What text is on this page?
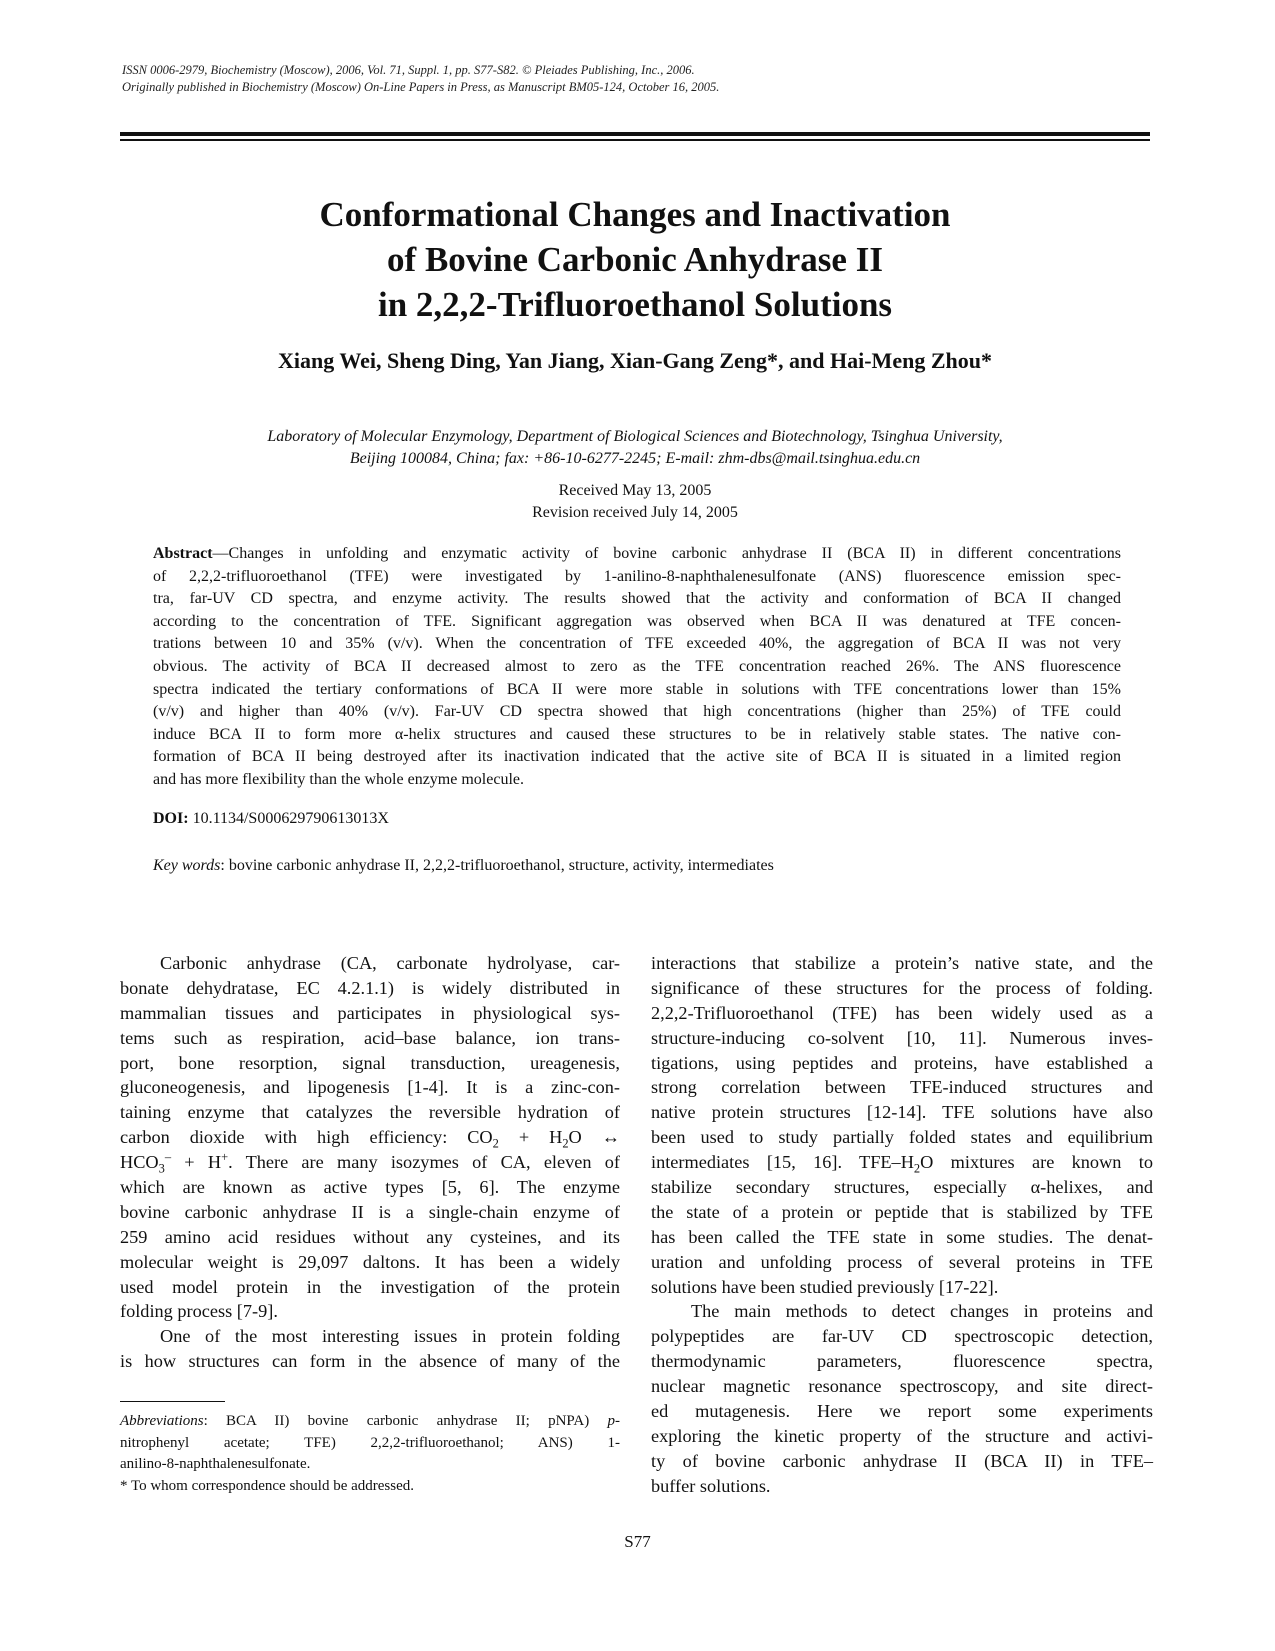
ISSN 0006-2979, Biochemistry (Moscow), 2006, Vol. 71, Suppl. 1, pp. S77-S82. © Pleiades Publishing, Inc., 2006.
Originally published in Biochemistry (Moscow) On-Line Papers in Press, as Manuscript BM05-124, October 16, 2005.
Conformational Changes and Inactivation
of Bovine Carbonic Anhydrase II
in 2,2,2-Trifluoroethanol Solutions
Xiang Wei, Sheng Ding, Yan Jiang, Xian-Gang Zeng*, and Hai-Meng Zhou*
Laboratory of Molecular Enzymology, Department of Biological Sciences and Biotechnology, Tsinghua University,
Beijing 100084, China; fax: +86-10-6277-2245; E-mail: zhm-dbs@mail.tsinghua.edu.cn
Received May 13, 2005
Revision received July 14, 2005
Abstract—Changes in unfolding and enzymatic activity of bovine carbonic anhydrase II (BCA II) in different concentrations
of 2,2,2-trifluoroethanol (TFE) were investigated by 1-anilino-8-naphthalenesulfonate (ANS) fluorescence emission spec-
tra, far-UV CD spectra, and enzyme activity. The results showed that the activity and conformation of BCA II changed
according to the concentration of TFE. Significant aggregation was observed when BCA II was denatured at TFE concen-
trations between 10 and 35% (v/v). When the concentration of TFE exceeded 40%, the aggregation of BCA II was not very
obvious. The activity of BCA II decreased almost to zero as the TFE concentration reached 26%. The ANS fluorescence
spectra indicated the tertiary conformations of BCA II were more stable in solutions with TFE concentrations lower than 15%
(v/v) and higher than 40% (v/v). Far-UV CD spectra showed that high concentrations (higher than 25%) of TFE could
induce BCA II to form more α-helix structures and caused these structures to be in relatively stable states. The native con-
formation of BCA II being destroyed after its inactivation indicated that the active site of BCA II is situated in a limited region
and has more flexibility than the whole enzyme molecule.
DOI: 10.1134/S000629790613013X
Key words: bovine carbonic anhydrase II, 2,2,2-trifluoroethanol, structure, activity, intermediates
Carbonic anhydrase (CA, carbonate hydrolyase, car-
bonate dehydratase, EC 4.2.1.1) is widely distributed in
mammalian tissues and participates in physiological sys-
tems such as respiration, acid–base balance, ion trans-
port, bone resorption, signal transduction, ureagenesis,
gluconeogenesis, and lipogenesis [1-4]. It is a zinc-con-
taining enzyme that catalyzes the reversible hydration of
carbon dioxide with high efficiency: $CO_2 + H_2O$ ↔
$HCO_3^- + H^+$. There are many isozymes of CA, eleven of
which are known as active types [5, 6]. The enzyme
bovine carbonic anhydrase II is a single-chain enzyme of
259 amino acid residues without any cysteines, and its
molecular weight is 29,097 daltons. It has been a widely
used model protein in the investigation of the protein
folding process [7-9].
One of the most interesting issues in protein folding
is how structures can form in the absence of many of the
Abbreviations: BCA II) bovine carbonic anhydrase II; pNPA) p-
nitrophenyl acetate; TFE) 2,2,2-trifluoroethanol; ANS) 1-
anilino-8-naphthalenesulfonate.
* To whom correspondence should be addressed.
interactions that stabilize a protein’s native state, and the
significance of these structures for the process of folding.
2,2,2-Trifluoroethanol (TFE) has been widely used as a
structure-inducing co-solvent [10, 11]. Numerous inves-
tigations, using peptides and proteins, have established a
strong correlation between TFE-induced structures and
native protein structures [12-14]. TFE solutions have also
been used to study partially folded states and equilibrium
intermediates [15, 16]. TFE–$H_2O$ mixtures are known to
stabilize secondary structures, especially α-helixes, and
the state of a protein or peptide that is stabilized by TFE
has been called the TFE state in some studies. The denat-
uration and unfolding process of several proteins in TFE
solutions have been studied previously [17-22].
The main methods to detect changes in proteins and
polypeptides are far-UV CD spectroscopic detection,
thermodynamic parameters, fluorescence spectra,
nuclear magnetic resonance spectroscopy, and site direct-
ed mutagenesis. Here we report some experiments
exploring the kinetic property of the structure and activi-
ty of bovine carbonic anhydrase II (BCA II) in TFE–
buffer solutions.
S77
